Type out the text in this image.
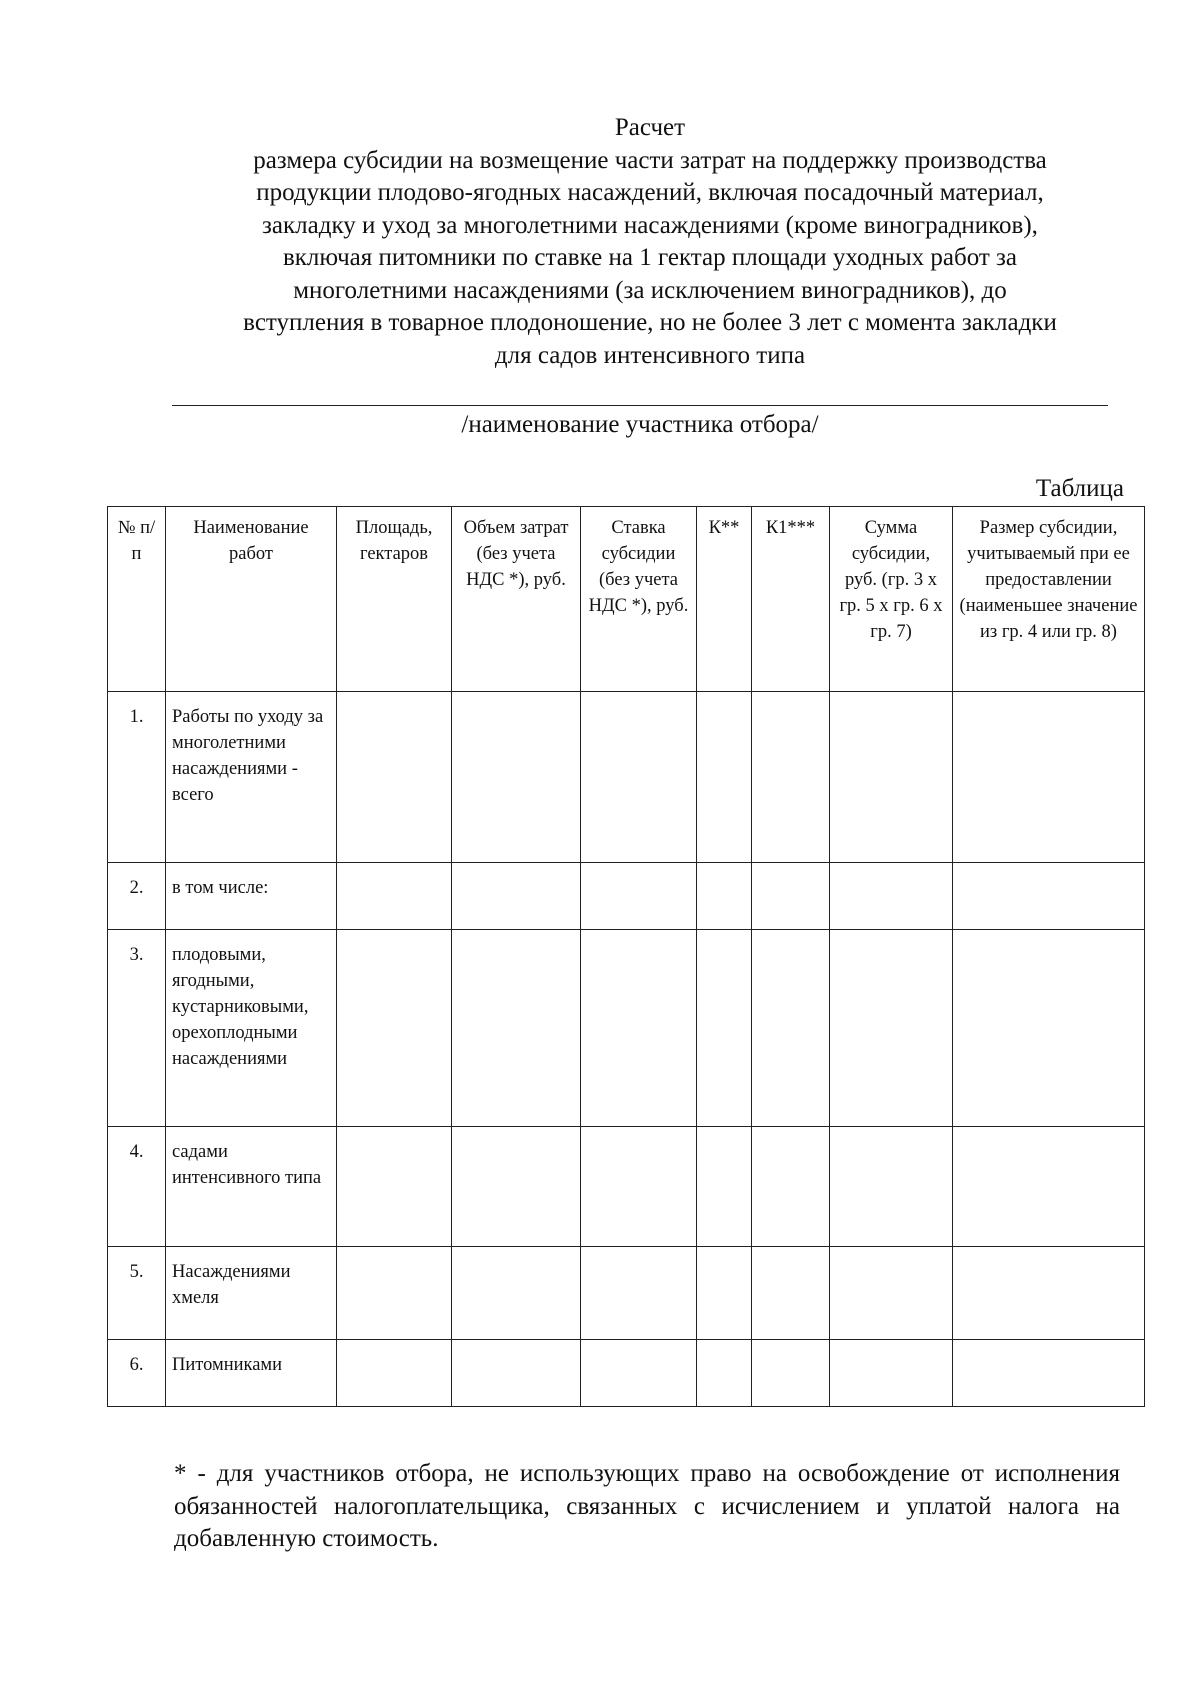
Расчет
размера субсидии на возмещение части затрат на поддержку производства
продукции плодово-ягодных насаждений, включая посадочный материал,
закладку и уход за многолетними насаждениями (кроме виноградников),
включая питомники по ставке на 1 гектар площади уходных работ за
многолетними насаждениями (за исключением виноградников), до
вступления в товарное плодоношение, но не более 3 лет с момента закладки
для садов интенсивного типа
/наименование участника отбора/
Таблица
№ п/п	Наименование работ	Площадь, гектаров	Объем затрат (без учета НДС *), руб.	Ставка субсидии (без учета НДС *), руб.	К**	К1***	Сумма субсидии, руб. (гр. 3 x гр. 5 x гр. 6 x гр. 7)	Размер субсидии, учитываемый при ее предоставлении (наименьшее значение из гр. 4 или гр. 8)
1.	Работы по уходу за многолетними насаждениями - всего							
2.	в том числе:							
3.	плодовыми, ягодными, кустарниковыми, орехоплодными насаждениями							
4.	садами интенсивного типа							
5.	Насаждениями хмеля							
6.	Питомниками							
* - для участников отбора, не использующих право на освобождение от исполнения обязанностей налогоплательщика, связанных с исчислением и уплатой налога на добавленную стоимость.
